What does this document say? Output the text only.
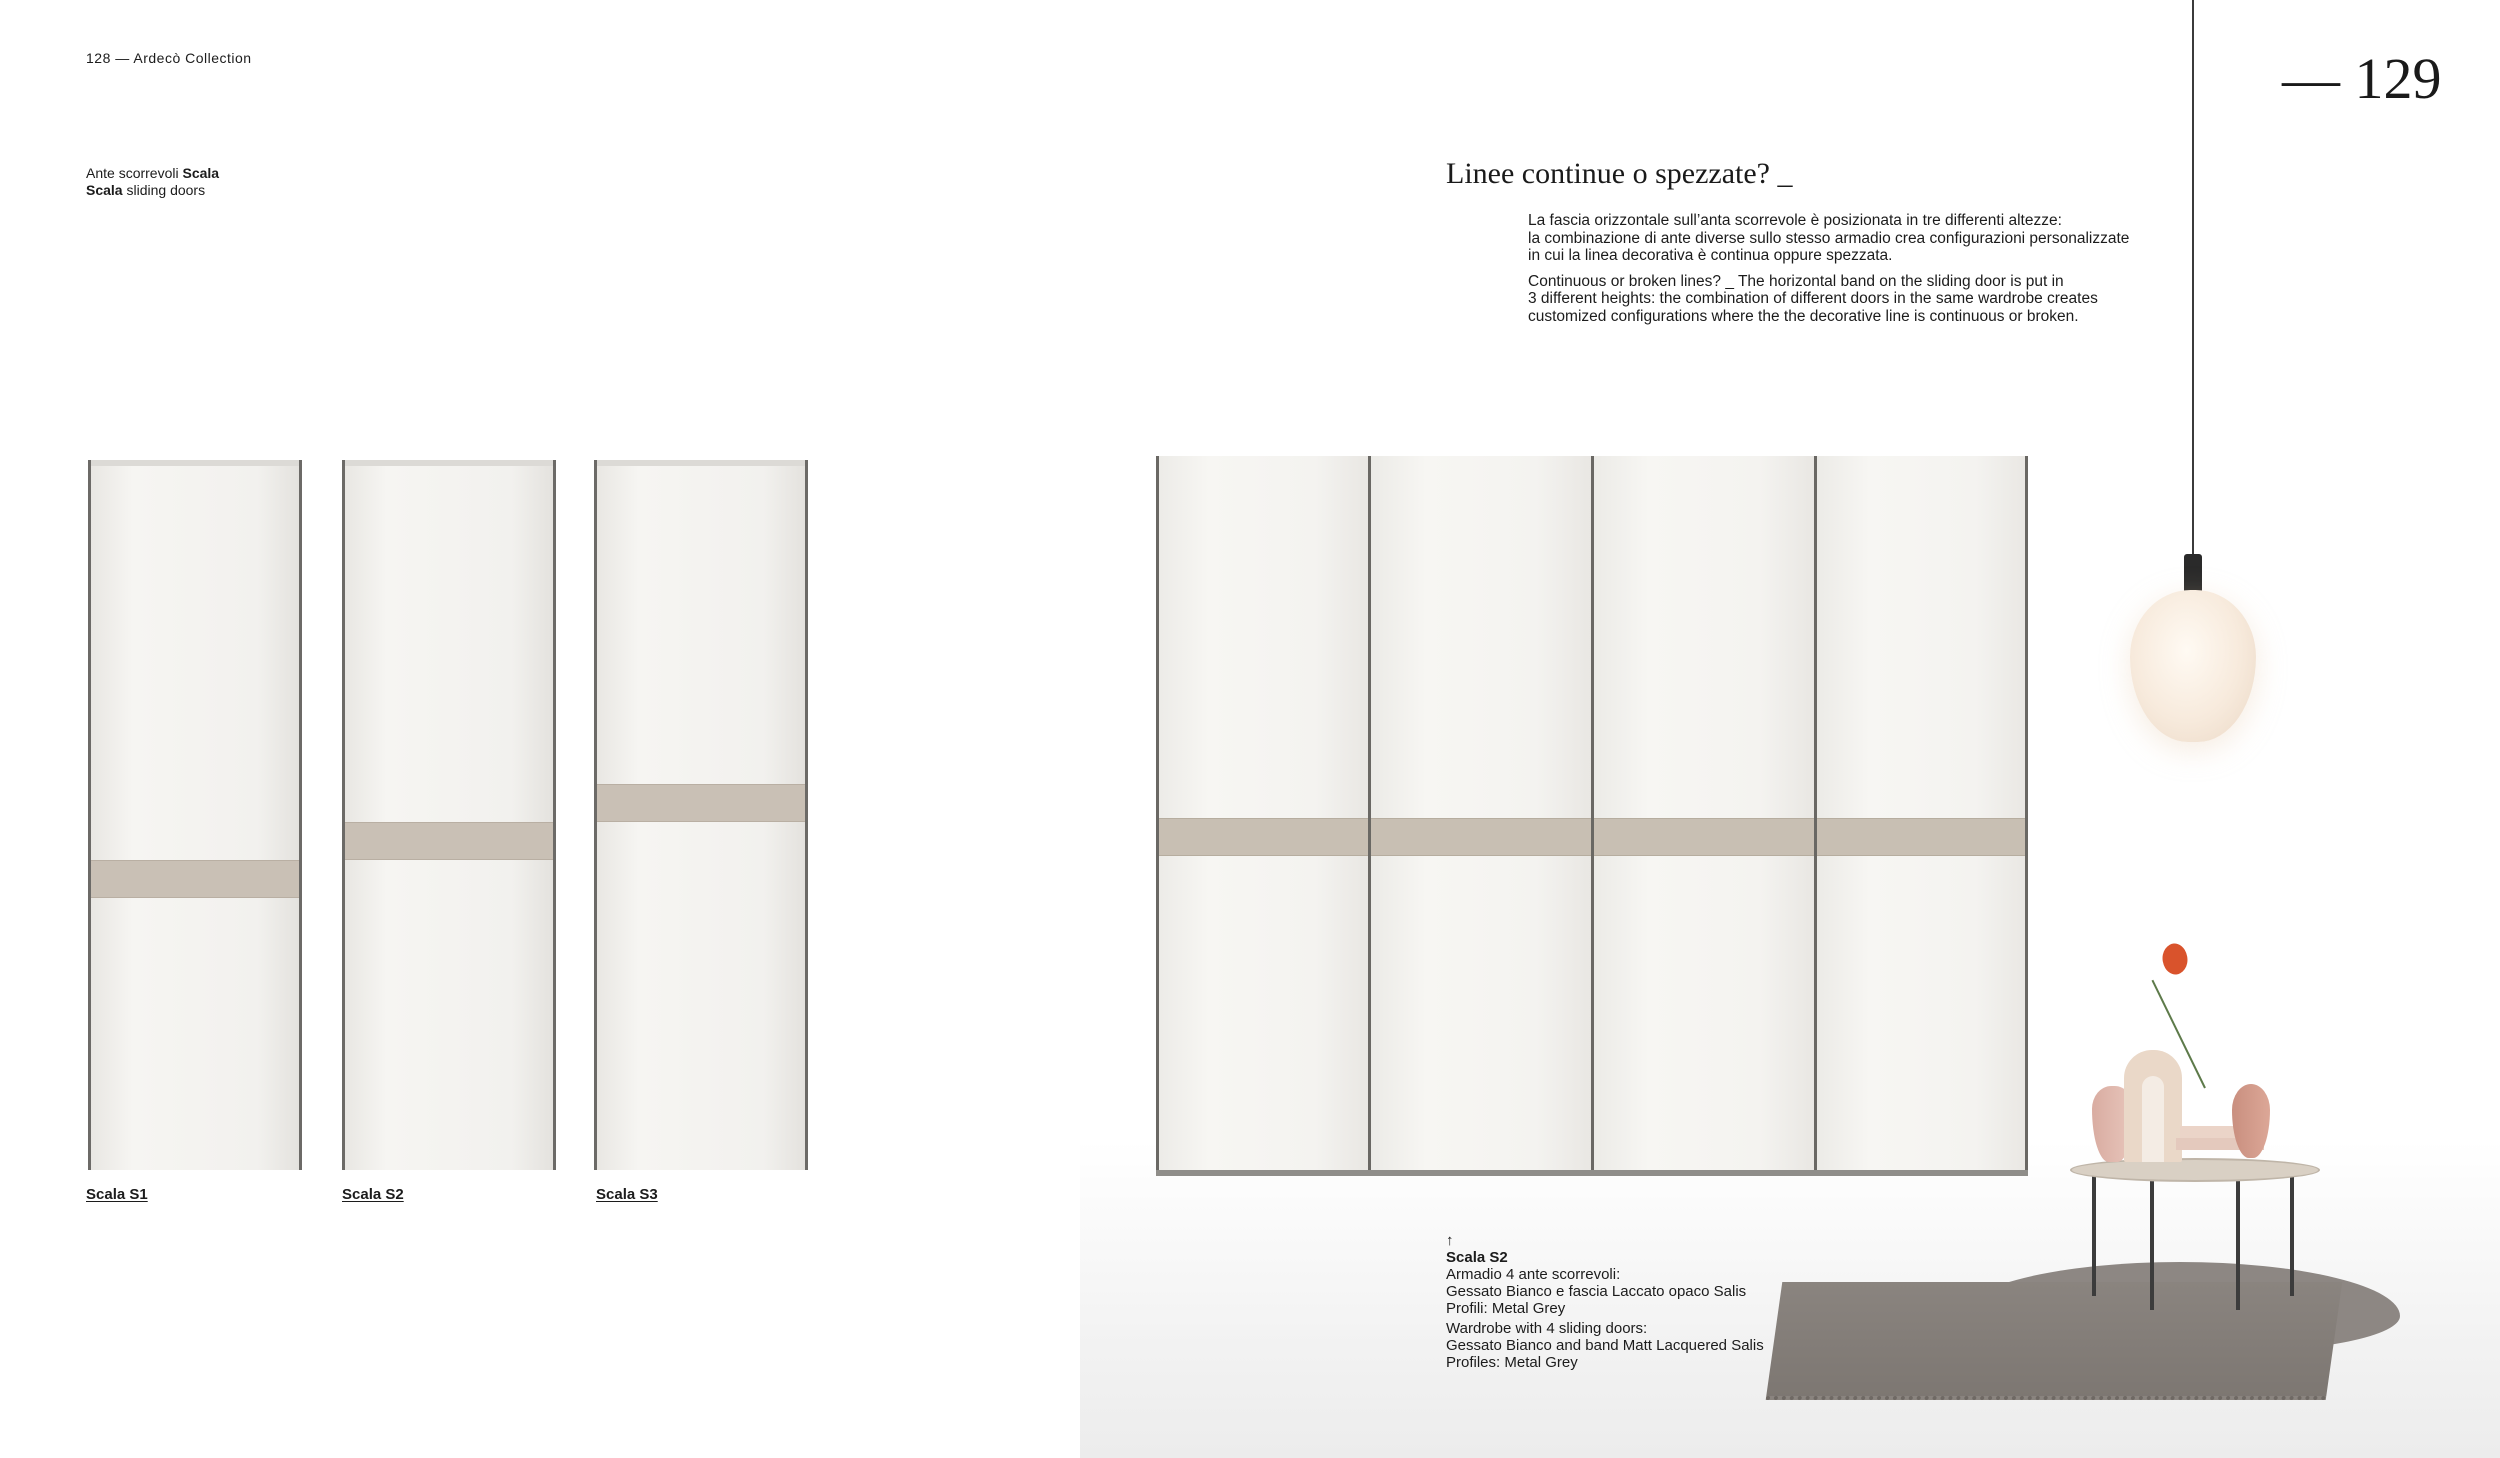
128 — Ardecò Collection
Ante scorrevoli Scala
Scala sliding doors
Scala S1	Scala S2	Scala S3
— 129
Linee continue o spezzate? _
La fascia orizzontale sull’anta scorrevole è posizionata in tre differenti altezze:
la combinazione di ante diverse sullo stesso armadio crea configurazioni personalizzate
in cui la linea decorativa è continua oppure spezzata.
Continuous or broken lines? _ The horizontal band on the sliding door is put in
3 different heights: the combination of different doors in the same wardrobe creates
customized configurations where the the decorative line is continuous or broken.
↑
Scala S2
Armadio 4 ante scorrevoli:
Gessato Bianco e fascia Laccato opaco Salis
Profili: Metal Grey
Wardrobe with 4 sliding doors:
Gessato Bianco and band Matt Lacquered Salis
Profiles: Metal Grey
